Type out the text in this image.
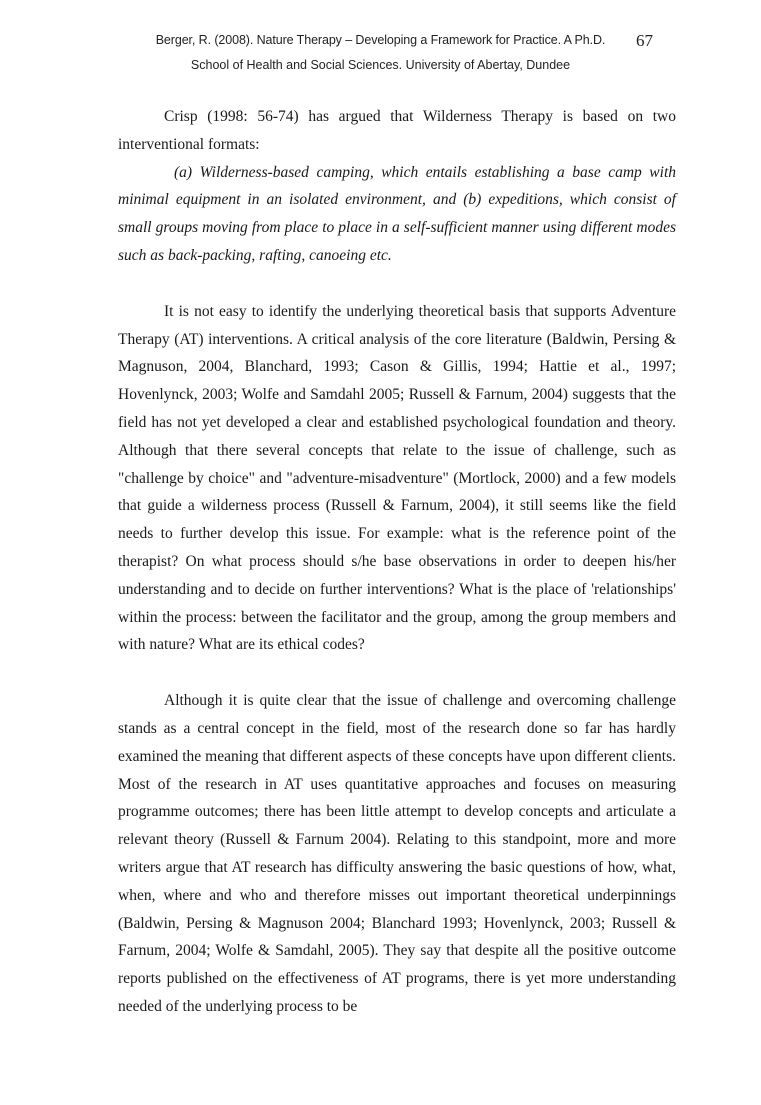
Berger, R. (2008). Nature Therapy – Developing a Framework for Practice. A Ph.D.
School of Health and Social Sciences. University of Abertay, Dundee
67

Crisp (1998: 56-74) has argued that Wilderness Therapy is based on two interventional formats:

(a) Wilderness-based camping, which entails establishing a base camp with minimal equipment in an isolated environment, and (b) expeditions, which consist of small groups moving from place to place in a self-sufficient manner using different modes such as back-packing, rafting, canoeing etc.

It is not easy to identify the underlying theoretical basis that supports Adventure Therapy (AT) interventions. A critical analysis of the core literature (Baldwin, Persing & Magnuson, 2004, Blanchard, 1993; Cason & Gillis, 1994; Hattie et al., 1997; Hovenlynck, 2003; Wolfe and Samdahl 2005; Russell & Farnum, 2004) suggests that the field has not yet developed a clear and established psychological foundation and theory. Although that there several concepts that relate to the issue of challenge, such as "challenge by choice" and "adventure-misadventure" (Mortlock, 2000) and a few models that guide a wilderness process (Russell & Farnum, 2004), it still seems like the field needs to further develop this issue. For example: what is the reference point of the therapist? On what process should s/he base observations in order to deepen his/her understanding and to decide on further interventions? What is the place of 'relationships' within the process: between the facilitator and the group, among the group members and with nature? What are its ethical codes?

Although it is quite clear that the issue of challenge and overcoming challenge stands as a central concept in the field, most of the research done so far has hardly examined the meaning that different aspects of these concepts have upon different clients. Most of the research in AT uses quantitative approaches and focuses on measuring programme outcomes; there has been little attempt to develop concepts and articulate a relevant theory (Russell & Farnum 2004). Relating to this standpoint, more and more writers argue that AT research has difficulty answering the basic questions of how, what, when, where and who and therefore misses out important theoretical underpinnings (Baldwin, Persing & Magnuson 2004; Blanchard 1993; Hovenlynck, 2003; Russell & Farnum, 2004; Wolfe & Samdahl, 2005). They say that despite all the positive outcome reports published on the effectiveness of AT programs, there is yet more understanding needed of the underlying process to be
